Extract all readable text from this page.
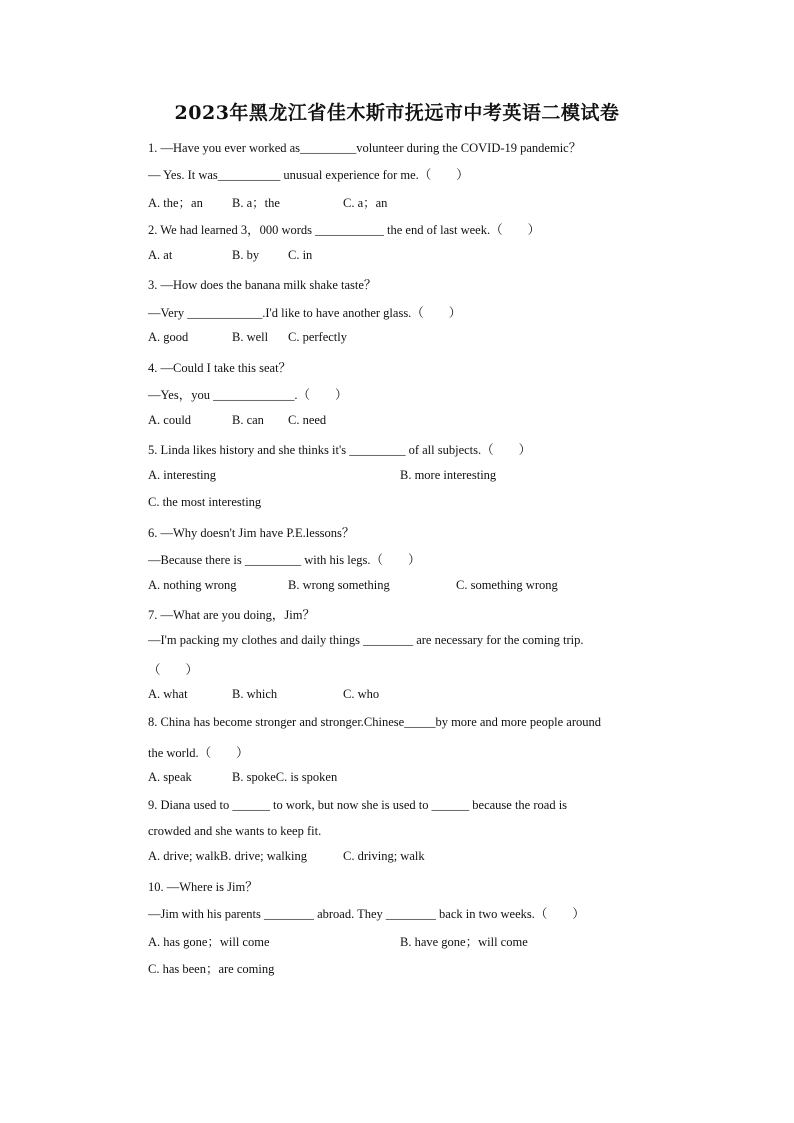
2023年黑龙江省佳木斯市抚远市中考英语二模试卷
1. —Have you ever worked as_________volunteer during the COVID-19 pandemic？
— Yes. It was__________ unusual experience for me.（　　）
A. the；an B. a；the	C. a；an
2. We had learned 3，000 words ___________ the end of last week.（　　）
A. at	B. by C. in
3. —How does the banana milk shake taste？
—Very ____________.I'd like to have another glass.（　　）
A. good	B. well C. perfectly
4. —Could I take this seat？
—Yes，you _____________.（　　）
A. could	B. can C. need
5. Linda likes history and she thinks it's _________ of all subjects.（　　）
A. interesting	B. more interesting
C. the most interesting
6. —Why doesn't Jim have P.E.lessons？
—Because there is _________ with his legs.（　　）
A. nothing wrong	B. wrong something	C. something wrong
7. —What are you doing，Jim？
—I'm packing my clothes and daily things ________ are necessary for the coming trip.
（　　）
A. what	B. which	C. who
8. China has become stronger and stronger.Chinese_____by more and more people around
the world.（　　）
A. speak	B. spokeC. is spoken
9. Diana used to ______ to work, but now she is used to ______ because the road is
crowded and she wants to keep fit.
A. drive; walkB. drive; walking	C. driving; walk
10. —Where is Jim？
—Jim with his parents ________ abroad. They ________ back in two weeks.（　　）
A. has gone；will come	B. have gone；will come
C. has been；are coming
